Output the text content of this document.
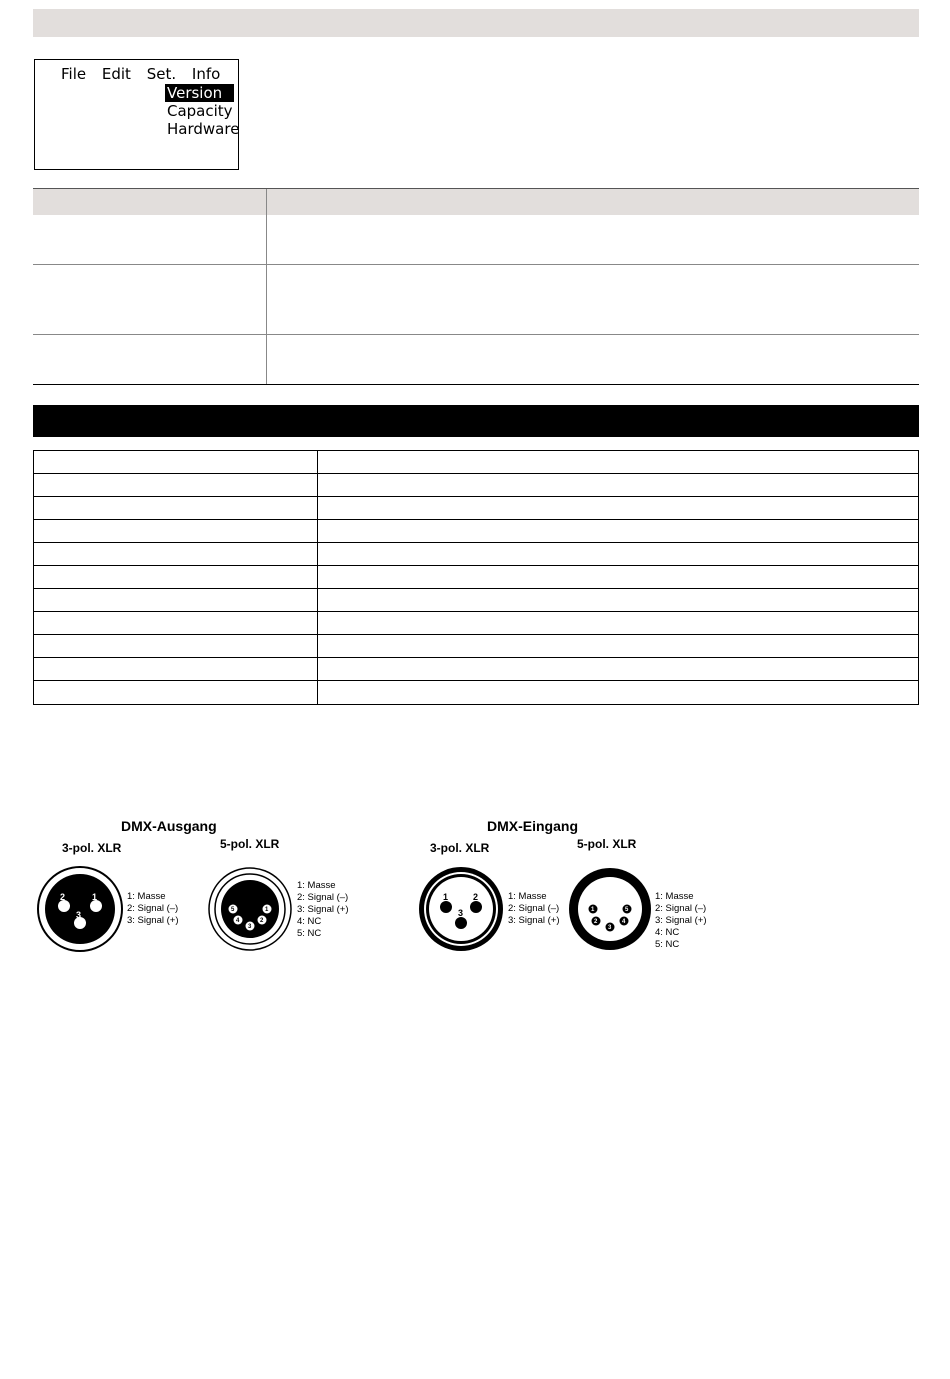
File Edit Set. Info
Version
Capacity
Hardware
DMX-Ausgang
3-pol. XLR	5-pol. XLR
2	1
3
1: Masse
2: Signal (–)
3: Signal (+)
5	1
4
3
2
1: Masse
2: Signal (–)
3: Signal (+)
4: NC
5: NC
DMX-Eingang
3-pol. XLR	5-pol. XLR
1	2
3
1: Masse
2: Signal (–)
3: Signal (+)
1	5
2	4
3
1: Masse
2: Signal (–)
3: Signal (+)
4: NC
5: NC
